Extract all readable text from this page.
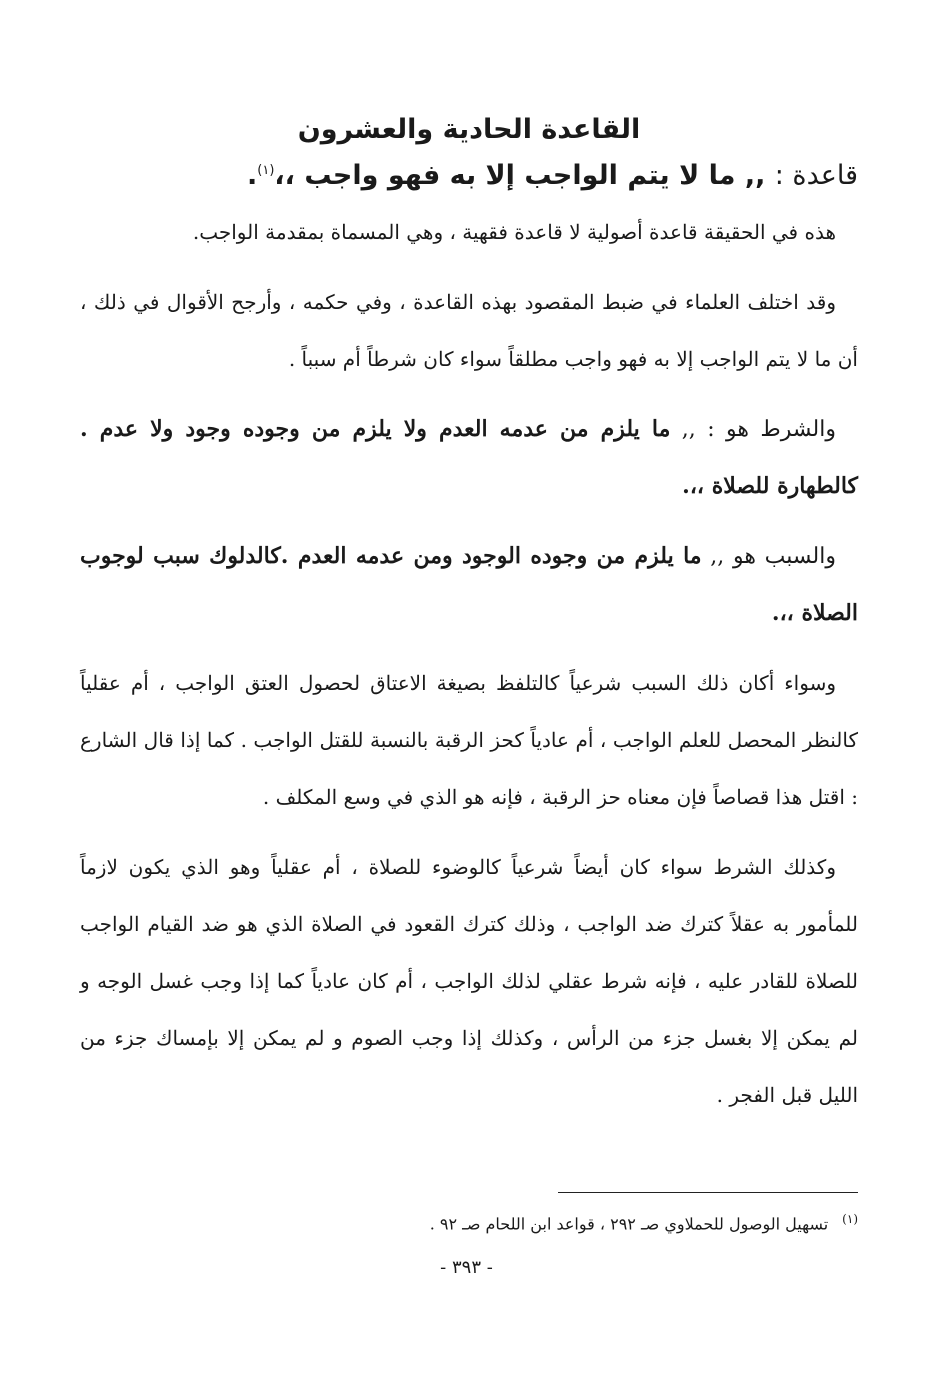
القاعدة الحادية والعشرون
قاعدة : ,, ما لا يتم الواجب إلا به فهو واجب ،،$^{(١)}$.

هذه في الحقيقة قاعدة أصولية لا قاعدة فقهية ، وهي المسماة بمقدمة الواجب.

وقد اختلف العلماء في ضبط المقصود بهذه القاعدة ، وفي حكمه ، وأرجح الأقوال في ذلك ، أن ما لا يتم الواجب إلا به فهو واجب مطلقاً سواء كان شرطاً أم سبباً .

والشرط هو : ,, ما يلزم من عدمه العدم ولا يلزم من وجوده وجود ولا عدم . كالطهارة للصلاة ،،.

والسبب هو ,, ما يلزم من وجوده الوجود ومن عدمه العدم .كالدلوك سبب لوجوب الصلاة ،،.

وسواء أكان ذلك السبب شرعياً كالتلفظ بصيغة الاعتاق لحصول العتق الواجب ، أم عقلياً كالنظر المحصل للعلم الواجب ، أم عادياً كحز الرقبة بالنسبة للقتل الواجب . كما إذا قال الشارع : اقتل هذا قصاصاً فإن معناه حز الرقبة ، فإنه هو الذي في وسع المكلف .

وكذلك الشرط سواء كان أيضاً شرعياً كالوضوء للصلاة ، أم عقلياً وهو الذي يكون لازماً للمأمور به عقلاً كترك ضد الواجب ، وذلك كترك القعود في الصلاة الذي هو ضد القيام الواجب للصلاة للقادر عليه ، فإنه شرط عقلي لذلك الواجب ، أم كان عادياً كما إذا وجب غسل الوجه و لم يمكن إلا بغسل جزء من الرأس ، وكذلك إذا وجب الصوم و لم يمكن إلا بإمساك جزء من الليل قبل الفجر .

$^{(١)}$تسهيل الوصول للحملاوي صـ ٢٩٢ ، قواعد ابن اللحام صـ ٩٢ .
- ٣٩٣ -
